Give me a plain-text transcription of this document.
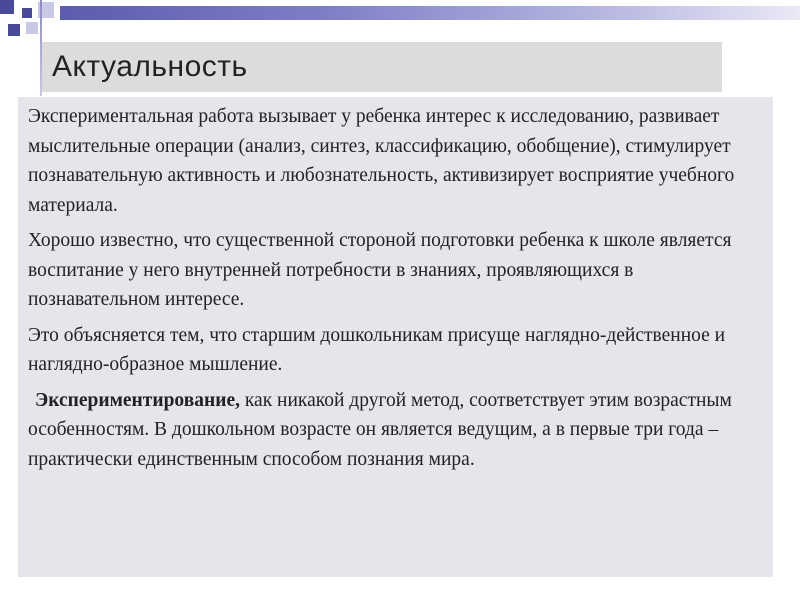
Актуальность

Экспериментальная работа вызывает у ребенка интерес к исследованию, развивает мыслительные операции (анализ, синтез, классификацию, обобщение), стимулирует познавательную активность и любознательность, активизирует восприятие учебного материала.

Хорошо известно, что существенной стороной подготовки ребенка к школе является воспитание у него внутренней потребности в знаниях, проявляющихся в познавательном интересе.

Это объясняется тем, что старшим дошкольникам присуще наглядно-действенное и наглядно-образное мышление.

Экспериментирование, как никакой другой метод, соответствует этим возрастным особенностям. В дошкольном возрасте он является ведущим, а в первые три года – практически единственным способом познания мира.
